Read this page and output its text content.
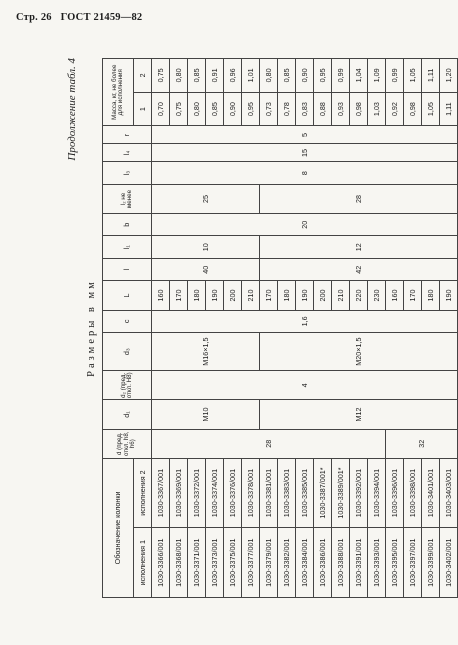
Стр. 26 ГОСТ 21459—82
Продолжение табл. 4
Размеры в мм
Обозначение колонки		d (пред. откл. h8, h6)	d₁	d₂ (пред. откл. H8)	d₃	c	L	l	l₁	b	l₂ не менее	l₃	l₄	r	Масса, кг, не более для исполнения	
исполнения 1	исполнения 2														1	2
1030-3366/001	1030-3367/001	28	M10	4	M16×1,5	1,6	160	40	10	20	25	8	15	5	0,70	0,75
1030-3368/001	1030-3369/001						170								0,75	0,80
1030-3371/001	1030-3372/001						180								0,80	0,85
1030-3373/001	1030-3374/001						190								0,85	0,91
1030-3375/001	1030-3376/001						200								0,90	0,96
1030-3377/001	1030-3378/001						210								0,95	1,01
1030-3379/001	1030-3381/001		M12		M20×1,5		170	42	12		28				0,73	0,80
1030-3382/001	1030-3383/001						180								0,78	0,85
1030-3384/001	1030-3385/001						190								0,83	0,90
1030-3386/001	1030-3387/001*						200								0,88	0,95
1030-3388/001	1030-3389/001*						210								0,93	0,99
1030-3391/001	1030-3392/001						220								0,98	1,04
1030-3393/001	1030-3394/001						230								1,03	1,09
1030-3395/001	1030-3396/001	32					160								0,92	0,99
1030-3397/001	1030-3398/001						170								0,98	1,05
1030-3399/001	1030-3401/001						180								1,05	1,11
1030-3402/001	1030-3403/001						190								1,11	1,20
